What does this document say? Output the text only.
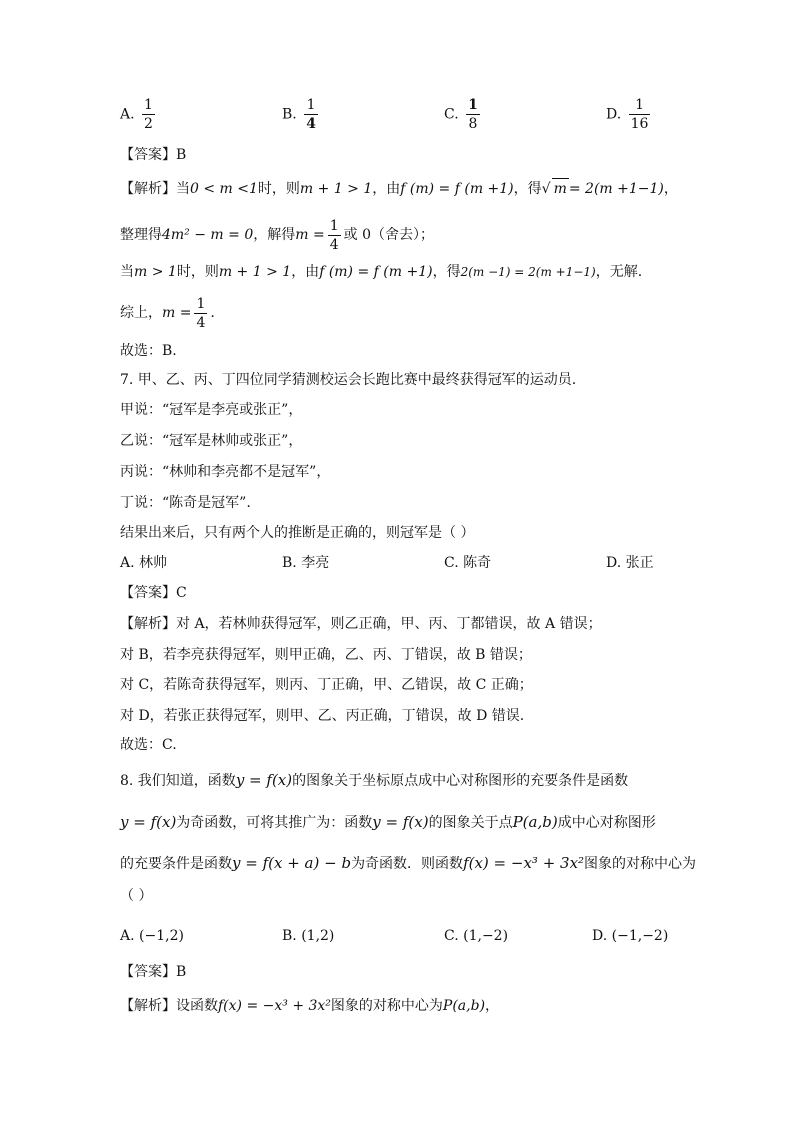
A. $\frac{1}{2}$	B. $\frac{1}{4}$	C. $\frac{1}{8}$	D. $\frac{1}{16}$
【答案】B
【解析】当0 < m <1时，则m + 1 > 1，由f (m) = f (m +1)，得√ m = 2(m +1−1)，
整理得4m² − m = 0，解得$m = \frac{1}{4}$ 或 0（舍去）；
当m > 1时，则m + 1 > 1，由f (m) = f (m +1)，得2(m −1) = 2(m +1−1)，无解.
综上，$m = \frac{1}{4}$ .
故选：B.
7. 甲、乙、丙、丁四位同学猜测校运会长跑比赛中最终获得冠军的运动员.
甲说：“冠军是李亮或张正”，
乙说：“冠军是林帅或张正”，
丙说：“林帅和李亮都不是冠军”，
丁说：“陈奇是冠军”.
结果出来后，只有两个人的推断是正确的，则冠军是（ ）
A. 林帅	B. 李亮	C. 陈奇	D. 张正
【答案】C
【解析】对 A，若林帅获得冠军，则乙正确，甲、丙、丁都错误，故 A 错误；
对 B，若李亮获得冠军，则甲正确，乙、丙、丁错误，故 B 错误；
对 C，若陈奇获得冠军，则丙、丁正确，甲、乙错误，故 C 正确；
对 D，若张正获得冠军，则甲、乙、丙正确，丁错误，故 D 错误.
故选：C.
8. 我们知道，函数y = f(x)的图象关于坐标原点成中心对称图形的充要条件是函数
y = f(x)为奇函数，可将其推广为：函数y = f(x)的图象关于点P(a,b)成中心对称图形
的充要条件是函数y = f(x + a) − b为奇函数．则函数f(x) = −x³ + 3x²图象的对称中心为
（ ）
A. (−1,2)	B. (1,2)	C. (1,−2)	D. (−1,−2)
【答案】B
【解析】设函数f(x) = −x³ + 3x²图象的对称中心为P(a,b)，
